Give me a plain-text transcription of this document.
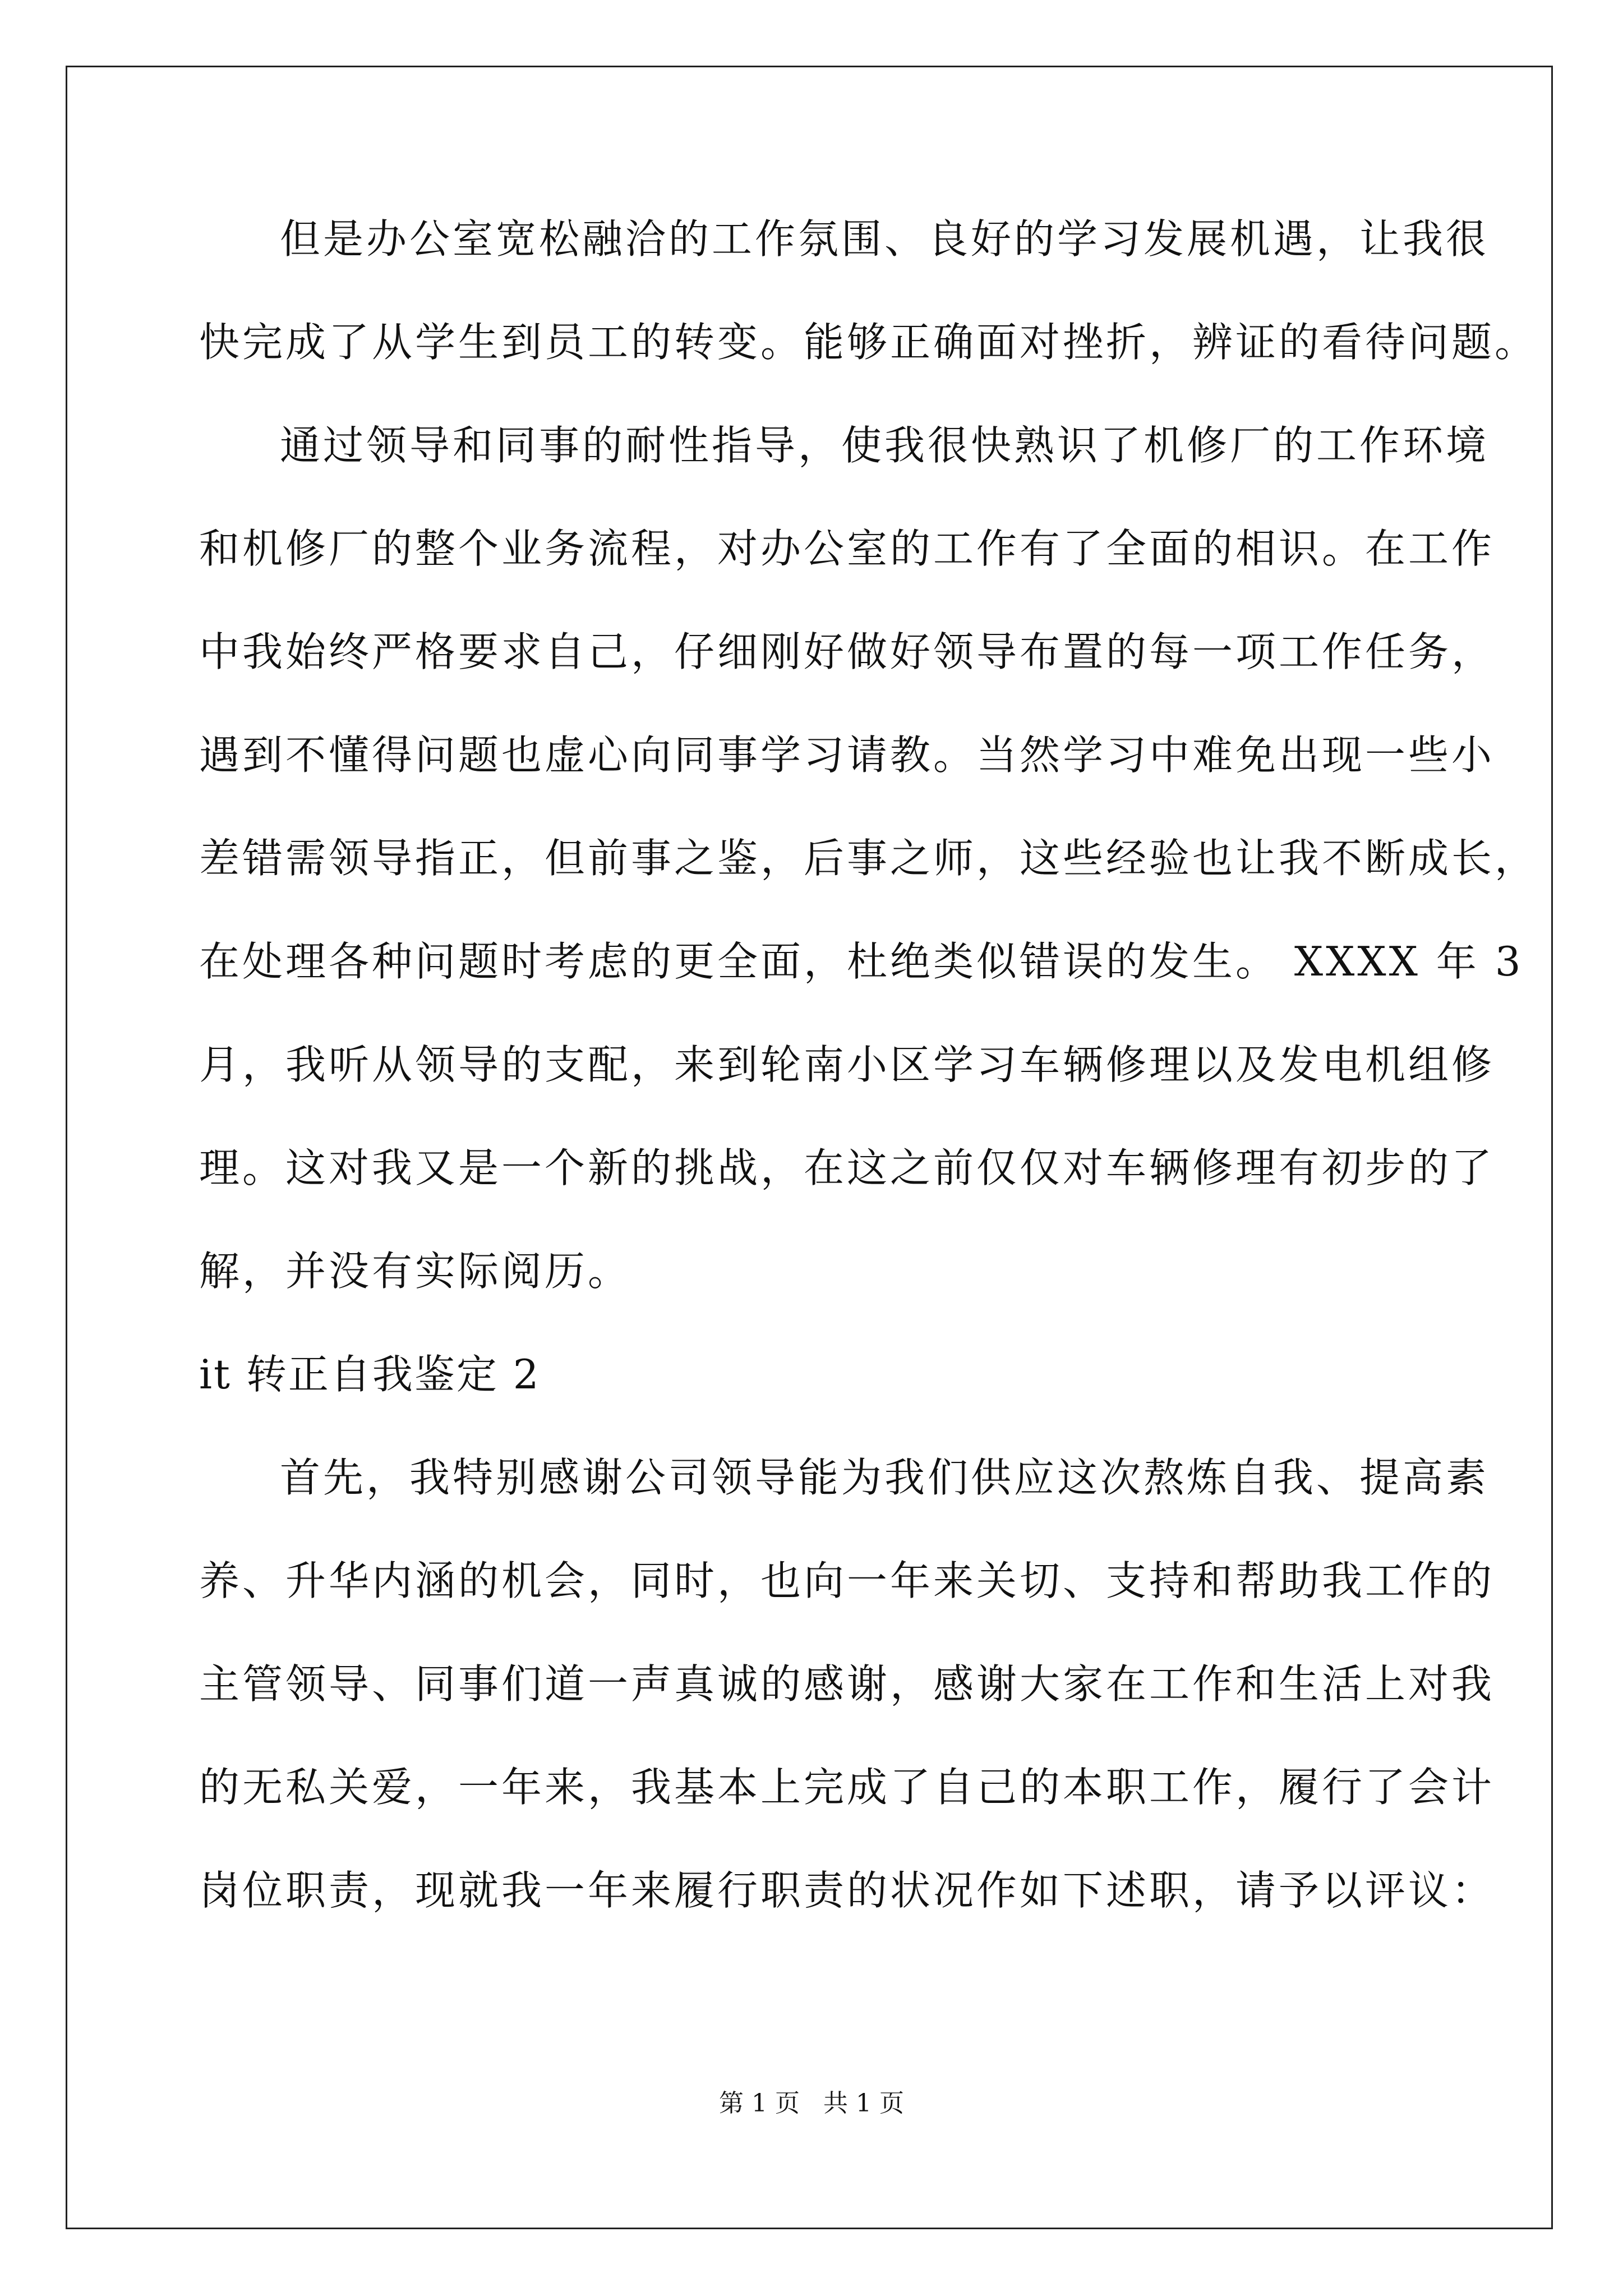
但是办公室宽松融洽的工作氛围、良好的学习发展机遇，让我很
快完成了从学生到员工的转变。能够正确面对挫折，辨证的看待问题。
通过领导和同事的耐性指导，使我很快熟识了机修厂的工作环境
和机修厂的整个业务流程，对办公室的工作有了全面的相识。在工作
中我始终严格要求自己，仔细刚好做好领导布置的每一项工作任务，
遇到不懂得问题也虚心向同事学习请教。当然学习中难免出现一些小
差错需领导指正，但前事之鉴，后事之师，这些经验也让我不断成长，
在处理各种问题时考虑的更全面，杜绝类似错误的发生。 XXXX 年 3
月，我听从领导的支配，来到轮南小区学习车辆修理以及发电机组修
理。这对我又是一个新的挑战，在这之前仅仅对车辆修理有初步的了
解，并没有实际阅历。
it 转正自我鉴定 2
首先，我特别感谢公司领导能为我们供应这次熬炼自我、提高素
养、升华内涵的机会，同时，也向一年来关切、支持和帮助我工作的
主管领导、同事们道一声真诚的感谢，感谢大家在工作和生活上对我
的无私关爱，一年来，我基本上完成了自己的本职工作，履行了会计
岗位职责，现就我一年来履行职责的状况作如下述职，请予以评议：
第 1 页 共 1 页
